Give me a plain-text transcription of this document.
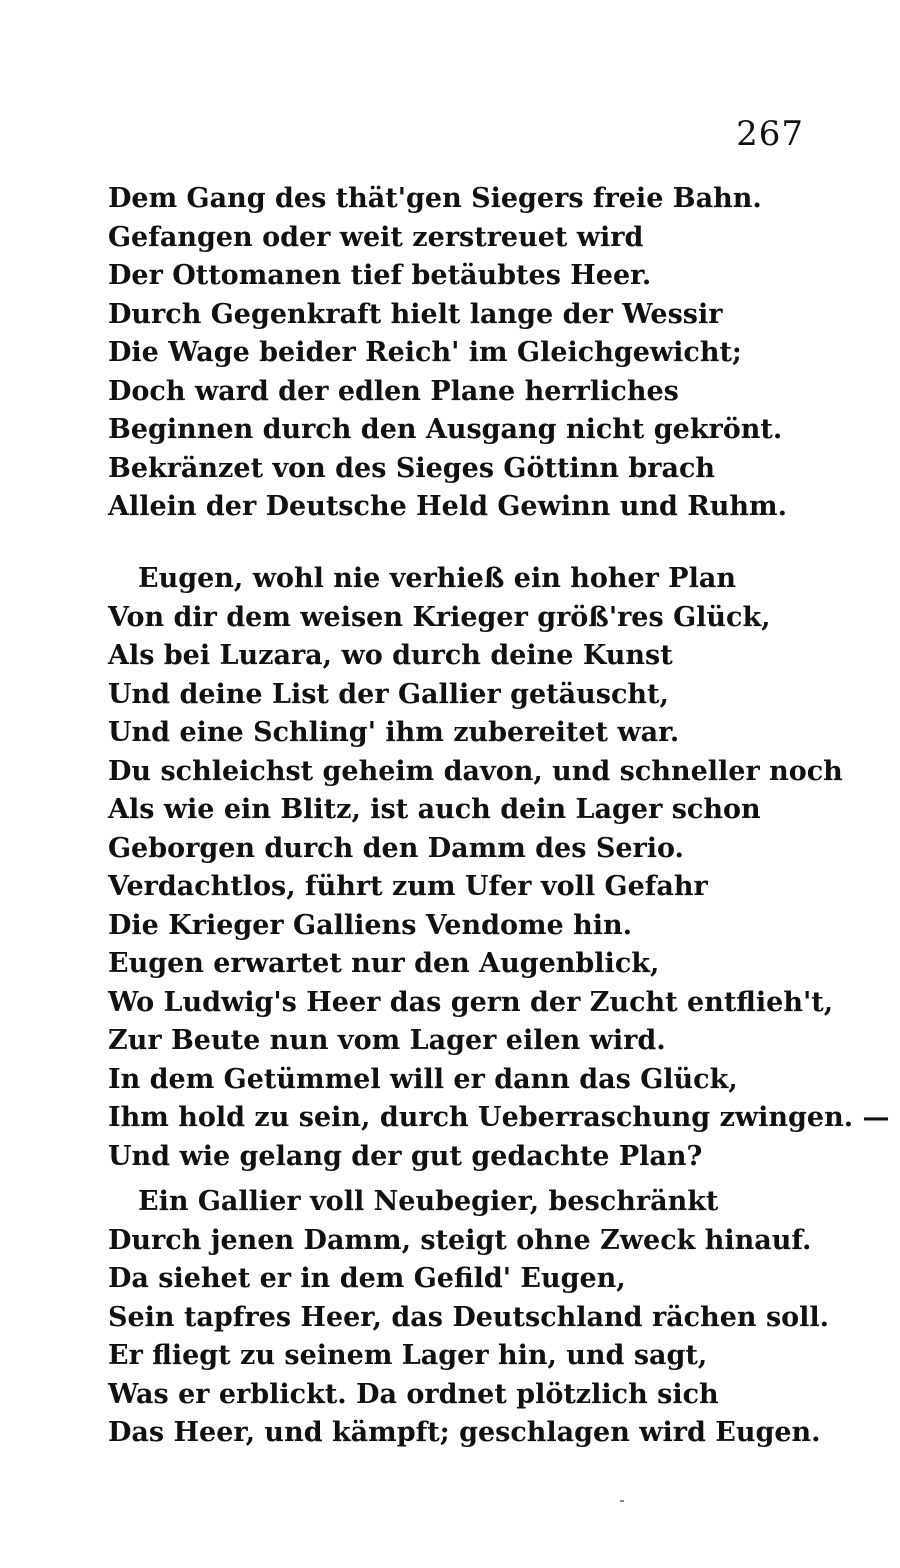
267
Dem Gang des thät'gen Siegers freie Bahn.
Gefangen oder weit zerstreuet wird
Der Ottomanen tief betäubtes Heer.
Durch Gegenkraft hielt lange der Wessir
Die Wage beider Reich' im Gleichgewicht;
Doch ward der edlen Plane herrliches
Beginnen durch den Ausgang nicht gekrönt.
Bekränzet von des Sieges Göttinn brach
Allein der Deutsche Held Gewinn und Ruhm.
Eugen, wohl nie verhieß ein hoher Plan
Von dir dem weisen Krieger größ'res Glück,
Als bei Luzara, wo durch deine Kunst
Und deine List der Gallier getäuscht,
Und eine Schling' ihm zubereitet war.
Du schleichst geheim davon, und schneller noch
Als wie ein Blitz, ist auch dein Lager schon
Geborgen durch den Damm des Serio.
Verdachtlos, führt zum Ufer voll Gefahr
Die Krieger Galliens Vendome hin.
Eugen erwartet nur den Augenblick,
Wo Ludwig's Heer das gern der Zucht entflieh't,
Zur Beute nun vom Lager eilen wird.
In dem Getümmel will er dann das Glück,
Ihm hold zu sein, durch Ueberraschung zwingen. —
Und wie gelang der gut gedachte Plan?
Ein Gallier voll Neubegier, beschränkt
Durch jenen Damm, steigt ohne Zweck hinauf.
Da siehet er in dem Gefild' Eugen,
Sein tapfres Heer, das Deutschland rächen soll.
Er fliegt zu seinem Lager hin, und sagt,
Was er erblickt. Da ordnet plötzlich sich
Das Heer, und kämpft; geschlagen wird Eugen.
